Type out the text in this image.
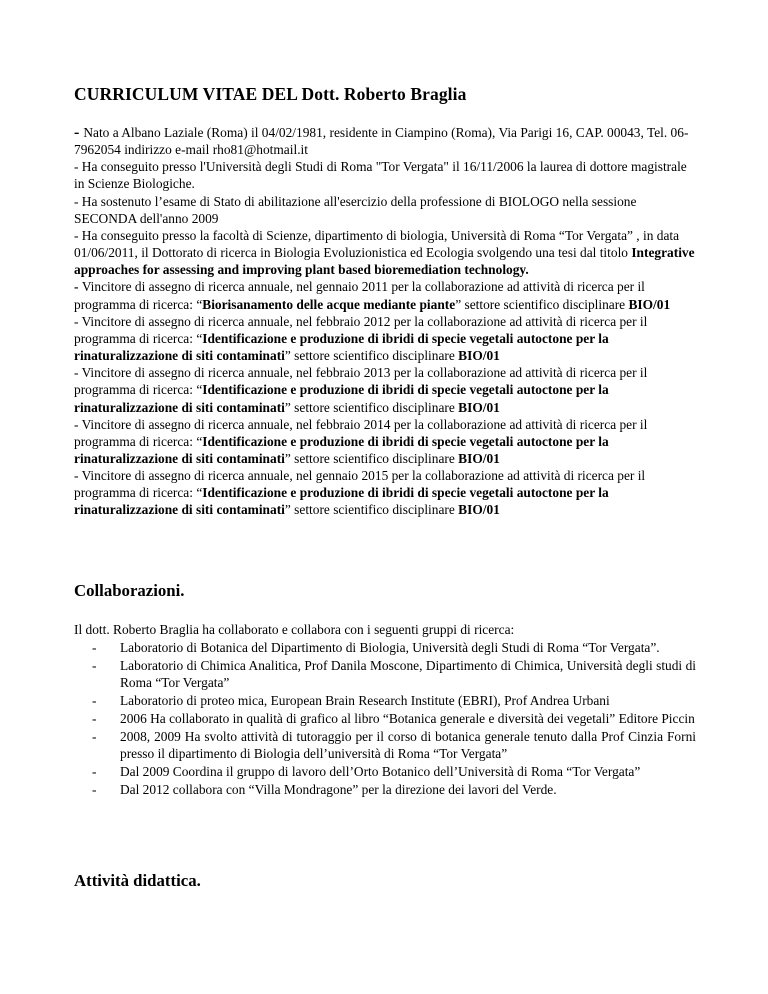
CURRICULUM VITAE DEL Dott. Roberto Braglia

- Nato a Albano Laziale (Roma) il 04/02/1981, residente in Ciampino (Roma), Via Parigi 16, CAP. 00043, Tel. 06-7962054 indirizzo e-mail rho81@hotmail.it

- Ha conseguito presso l'Università degli Studi di Roma "Tor Vergata" il 16/11/2006 la laurea di dottore magistrale in Scienze Biologiche.

- Ha sostenuto l’esame di Stato di abilitazione all'esercizio della professione di BIOLOGO nella sessione SECONDA dell'anno 2009

- Ha conseguito presso la facoltà di Scienze, dipartimento di biologia, Università di Roma “Tor Vergata” , in data 01/06/2011, il Dottorato di ricerca in Biologia Evoluzionistica ed Ecologia svolgendo una tesi dal titolo Integrative approaches for assessing and improving plant based bioremediation technology.

- Vincitore di assegno di ricerca annuale, nel gennaio 2011 per la collaborazione ad attività di ricerca per il programma di ricerca: “Biorisanamento delle acque mediante piante” settore scientifico disciplinare BIO/01

- Vincitore di assegno di ricerca annuale, nel febbraio 2012 per la collaborazione ad attività di ricerca per il programma di ricerca: “Identificazione e produzione di ibridi di specie vegetali autoctone per la rinaturalizzazione di siti contaminati” settore scientifico disciplinare BIO/01

- Vincitore di assegno di ricerca annuale, nel febbraio 2013 per la collaborazione ad attività di ricerca per il programma di ricerca: “Identificazione e produzione di ibridi di specie vegetali autoctone per la rinaturalizzazione di siti contaminati” settore scientifico disciplinare BIO/01

- Vincitore di assegno di ricerca annuale, nel febbraio 2014 per la collaborazione ad attività di ricerca per il programma di ricerca: “Identificazione e produzione di ibridi di specie vegetali autoctone per la rinaturalizzazione di siti contaminati” settore scientifico disciplinare BIO/01

- Vincitore di assegno di ricerca annuale, nel gennaio 2015 per la collaborazione ad attività di ricerca per il programma di ricerca: “Identificazione e produzione di ibridi di specie vegetali autoctone per la rinaturalizzazione di siti contaminati” settore scientifico disciplinare BIO/01

Collaborazioni.

Il dott. Roberto Braglia ha collaborato e collabora con i seguenti gruppi di ricerca:

- Laboratorio di Botanica del Dipartimento di Biologia, Università degli Studi di Roma “Tor Vergata”.
- Laboratorio di Chimica Analitica, Prof Danila Moscone, Dipartimento di Chimica, Università degli studi di Roma “Tor Vergata”
- Laboratorio di proteo mica, European Brain Research Institute (EBRI), Prof Andrea Urbani
- 2006 Ha collaborato in qualità di grafico al libro “Botanica generale e diversità dei vegetali” Editore Piccin
- 2008, 2009 Ha svolto attività di tutoraggio per il corso di botanica generale tenuto dalla Prof Cinzia Forni presso il dipartimento di Biologia dell’università di Roma “Tor Vergata”
- Dal 2009 Coordina il gruppo di lavoro dell’Orto Botanico dell’Università di Roma “Tor Vergata”
- Dal 2012 collabora con “Villa Mondragone” per la direzione dei lavori del Verde.
Attività didattica.
